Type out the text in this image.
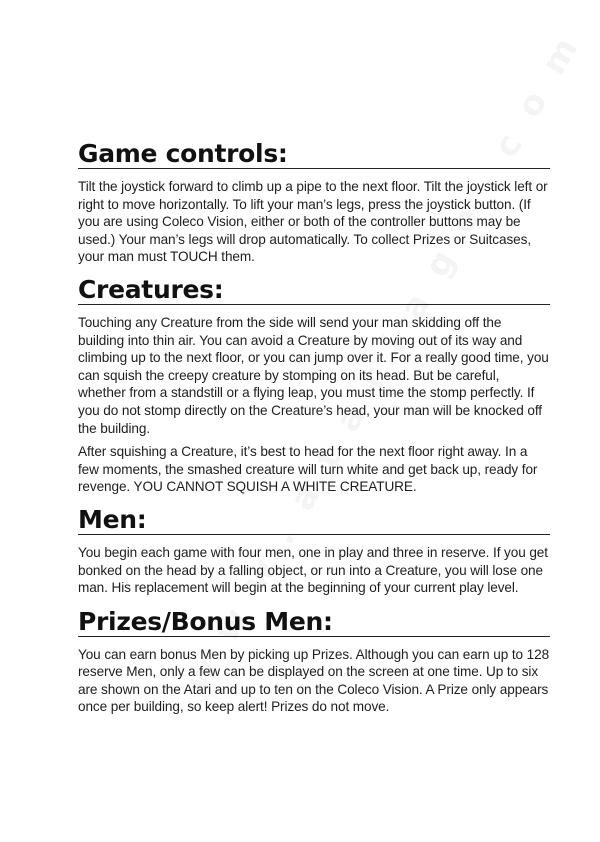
Game controls:

Tilt the joystick forward to climb up a pipe to the next floor. Tilt the joystick left or right to move horizontally. To lift your man’s legs, press the joystick button. (If you are using Coleco Vision, either or both of the controller buttons may be used.) Your man’s legs will drop automatically. To collect Prizes or Suitcases, your man must TOUCH them.

Creatures:

Touching any Creature from the side will send your man skidding off the building into thin air. You can avoid a Creature by moving out of its way and climbing up to the next floor, or you can jump over it. For a really good time, you can squish the creepy creature by stomping on its head. But be careful, whether from a standstill or a flying leap, you must time the stomp perfectly. If you do not stomp directly on the Creature’s head, your man will be knocked off the building.

After squishing a Creature, it’s best to head for the next floor right away. In a few moments, the smashed creature will turn white and get back up, ready for revenge. YOU CANNOT SQUISH A WHITE CREATURE.

Men:

You begin each game with four men, one in play and three in reserve. If you get bonked on the head by a falling object, or run into a Creature, you will lose one man. His replacement will begin at the beginning of your current play level.

Prizes/Bonus Men:

You can earn bonus Men by picking up Prizes. Although you can earn up to 128 reserve Men, only a few can be displayed on the screen at one time. Up to six are shown on the Atari and up to ten on the Coleco Vision. A Prize only appears once per building, so keep alert! Prizes do not move.
